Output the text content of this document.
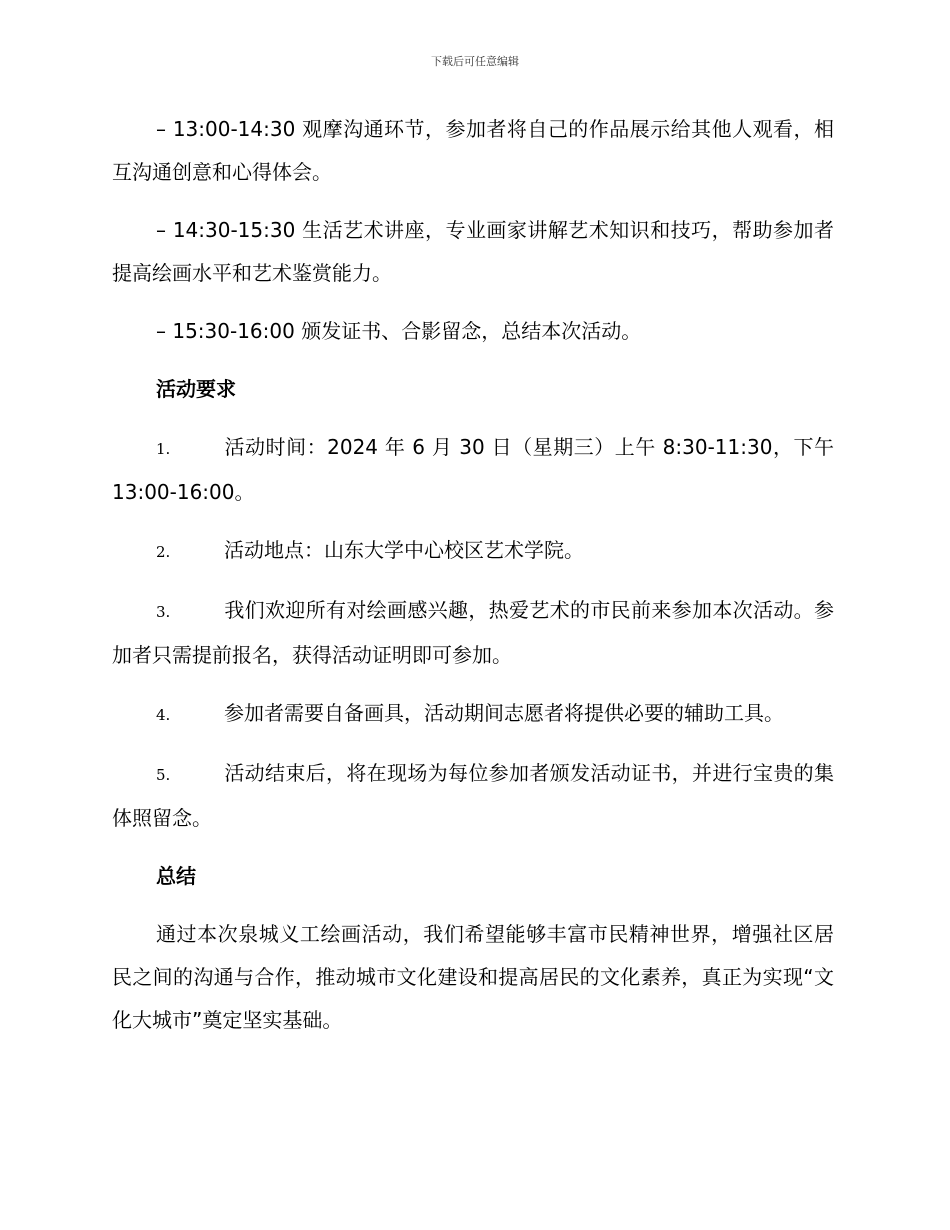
下载后可任意编辑

– 13:00-14:30 观摩沟通环节，参加者将自己的作品展示给其他人观看，相互沟通创意和心得体会。

– 14:30-15:30 生活艺术讲座，专业画家讲解艺术知识和技巧，帮助参加者提高绘画水平和艺术鉴赏能力。

– 15:30-16:00 颁发证书、合影留念，总结本次活动。

活动要求
1.	活动时间：2024 年 6 月 30 日（星期三）上午 8:30-11:30，下午 13:00-16:00。
2.	活动地点：山东大学中心校区艺术学院。
3.	我们欢迎所有对绘画感兴趣，热爱艺术的市民前来参加本次活动。参加者只需提前报名，获得活动证明即可参加。
4.	参加者需要自备画具，活动期间志愿者将提供必要的辅助工具。
5.	活动结束后，将在现场为每位参加者颁发活动证书，并进行宝贵的集体照留念。
总结

通过本次泉城义工绘画活动，我们希望能够丰富市民精神世界，增强社区居民之间的沟通与合作，推动城市文化建设和提高居民的文化素养，真正为实现“文化大城市”奠定坚实基础。
